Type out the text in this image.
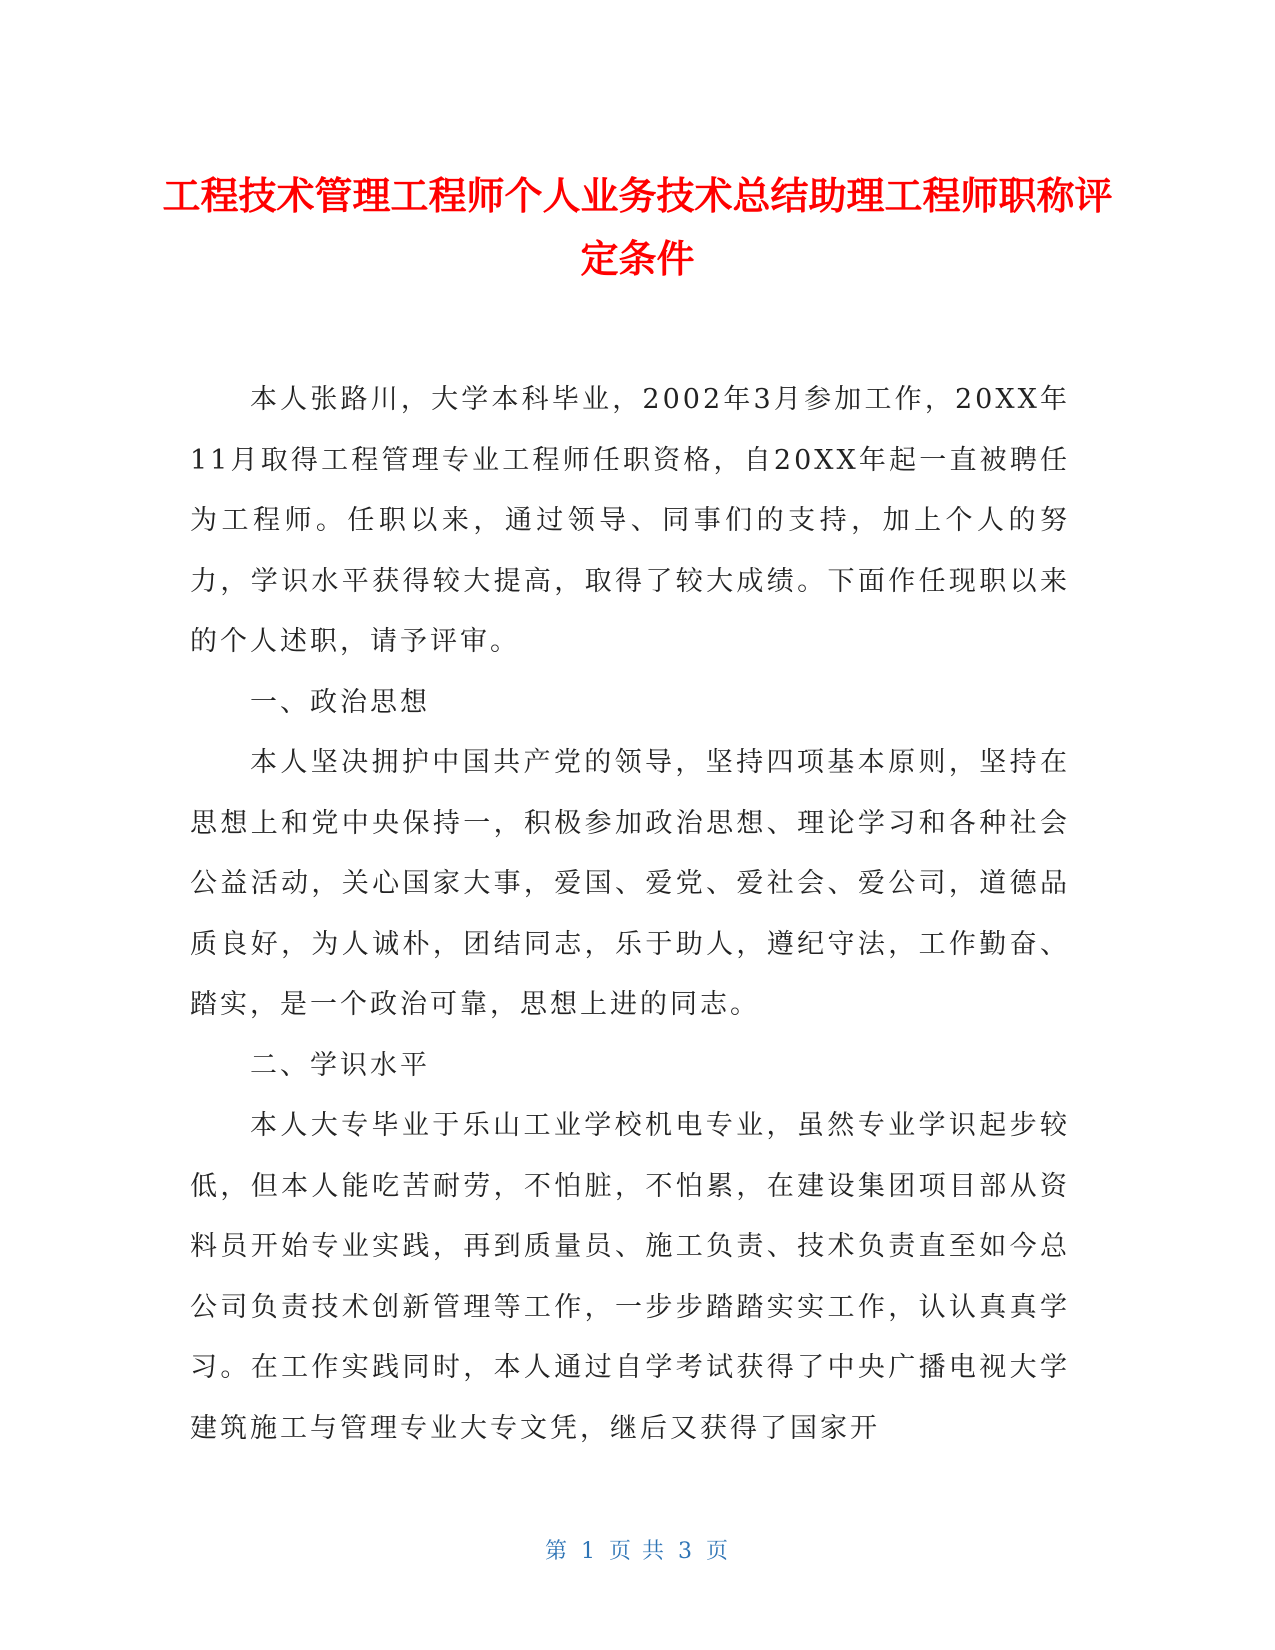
工程技术管理工程师个人业务技术总结助理工程师职称评定条件

本人张路川，大学本科毕业，2002年3月参加工作，20XX年11月取得工程管理专业工程师任职资格，自20XX年起一直被聘任为工程师。任职以来，通过领导、同事们的支持，加上个人的努力，学识水平获得较大提高，取得了较大成绩。下面作任现职以来的个人述职，请予评审。

一、政治思想

本人坚决拥护中国共产党的领导，坚持四项基本原则，坚持在思想上和党中央保持一，积极参加政治思想、理论学习和各种社会公益活动，关心国家大事，爱国、爱党、爱社会、爱公司，道德品质良好，为人诚朴，团结同志，乐于助人，遵纪守法，工作勤奋、踏实，是一个政治可靠，思想上进的同志。

二、学识水平

本人大专毕业于乐山工业学校机电专业，虽然专业学识起步较低，但本人能吃苦耐劳，不怕脏，不怕累，在建设集团项目部从资料员开始专业实践，再到质量员、施工负责、技术负责直至如今总公司负责技术创新管理等工作，一步步踏踏实实工作，认认真真学习。在工作实践同时，本人通过自学考试获得了中央广播电视大学建筑施工与管理专业大专文凭，继后又获得了国家开

第 1 页 共 3 页
